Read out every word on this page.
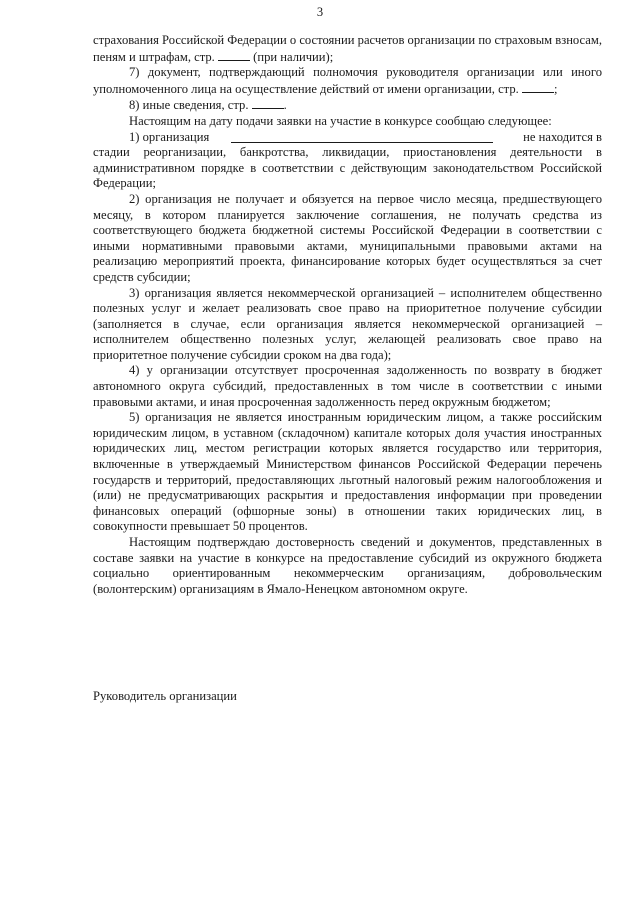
3

страхования Российской Федерации о состоянии расчетов организации по страховым взносам, пеням и штрафам, стр.	(при наличии);

7) документ, подтверждающий полномочия руководителя организации или иного уполномоченного лица на осуществление действий от имени организации, стр.	;

8) иные сведения, стр.	.

Настоящим на дату подачи заявки на участие в конкурсе сообщаю следующее:

1) организация	не находится в

стадии реорганизации, банкротства, ликвидации, приостановления деятельности в административном порядке в соответствии с действующим законодательством Российской Федерации;

2) организация не получает и обязуется на первое число месяца, предшествующего месяцу, в котором планируется заключение соглашения, не получать средства из соответствующего бюджета бюджетной системы Российской Федерации в соответствии с иными нормативными правовыми актами, муниципальными правовыми актами на реализацию мероприятий проекта, финансирование которых будет осуществляться за счет средств субсидии;

3) организация является некоммерческой организацией – исполнителем общественно полезных услуг и желает реализовать свое право на приоритетное получение субсидии (заполняется в случае, если организация является некоммерческой организацией – исполнителем общественно полезных услуг, желающей реализовать свое право на приоритетное получение субсидии сроком на два года);

4) у организации отсутствует просроченная задолженность по возврату в бюджет автономного округа субсидий, предоставленных в том числе в соответствии с иными правовыми актами, и иная просроченная задолженность перед окружным бюджетом;

5) организация не является иностранным юридическим лицом, а также российским юридическим лицом, в уставном (складочном) капитале которых доля участия иностранных юридических лиц, местом регистрации которых является государство или территория, включенные в утверждаемый Министерством финансов Российской Федерации перечень государств и территорий, предоставляющих льготный налоговый режим налогообложения и (или) не предусматривающих раскрытия и предоставления информации при проведении финансовых операций (офшорные зоны) в отношении таких юридических лиц, в совокупности превышает 50 процентов.

Настоящим подтверждаю достоверность сведений и документов, представленных в составе заявки на участие в конкурсе на предоставление субсидий из окружного бюджета социально ориентированным некоммерческим организациям, добровольческим (волонтерским) организациям в Ямало-Ненецком автономном округе.

Руководитель организации
